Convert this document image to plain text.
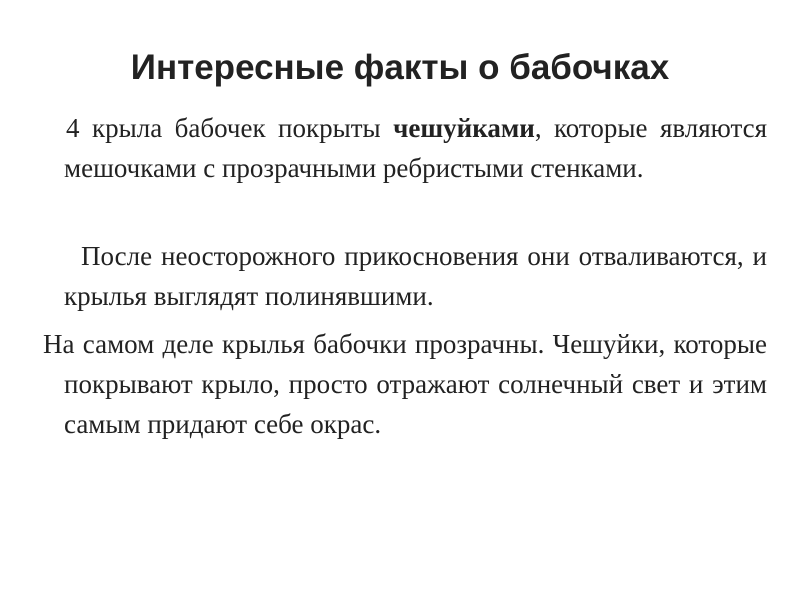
Интересные факты о бабочках
4 крыла бабочек покрыты чешуйками, которые являются мешочками с прозрачными ребристыми стенками.
После неосторожного прикосновения они отваливаются, и крылья выглядят полинявшими.
На самом деле крылья бабочки прозрачны. Чешуйки, которые покрывают крыло, просто отражают солнечный свет и этим самым придают себе окрас.
